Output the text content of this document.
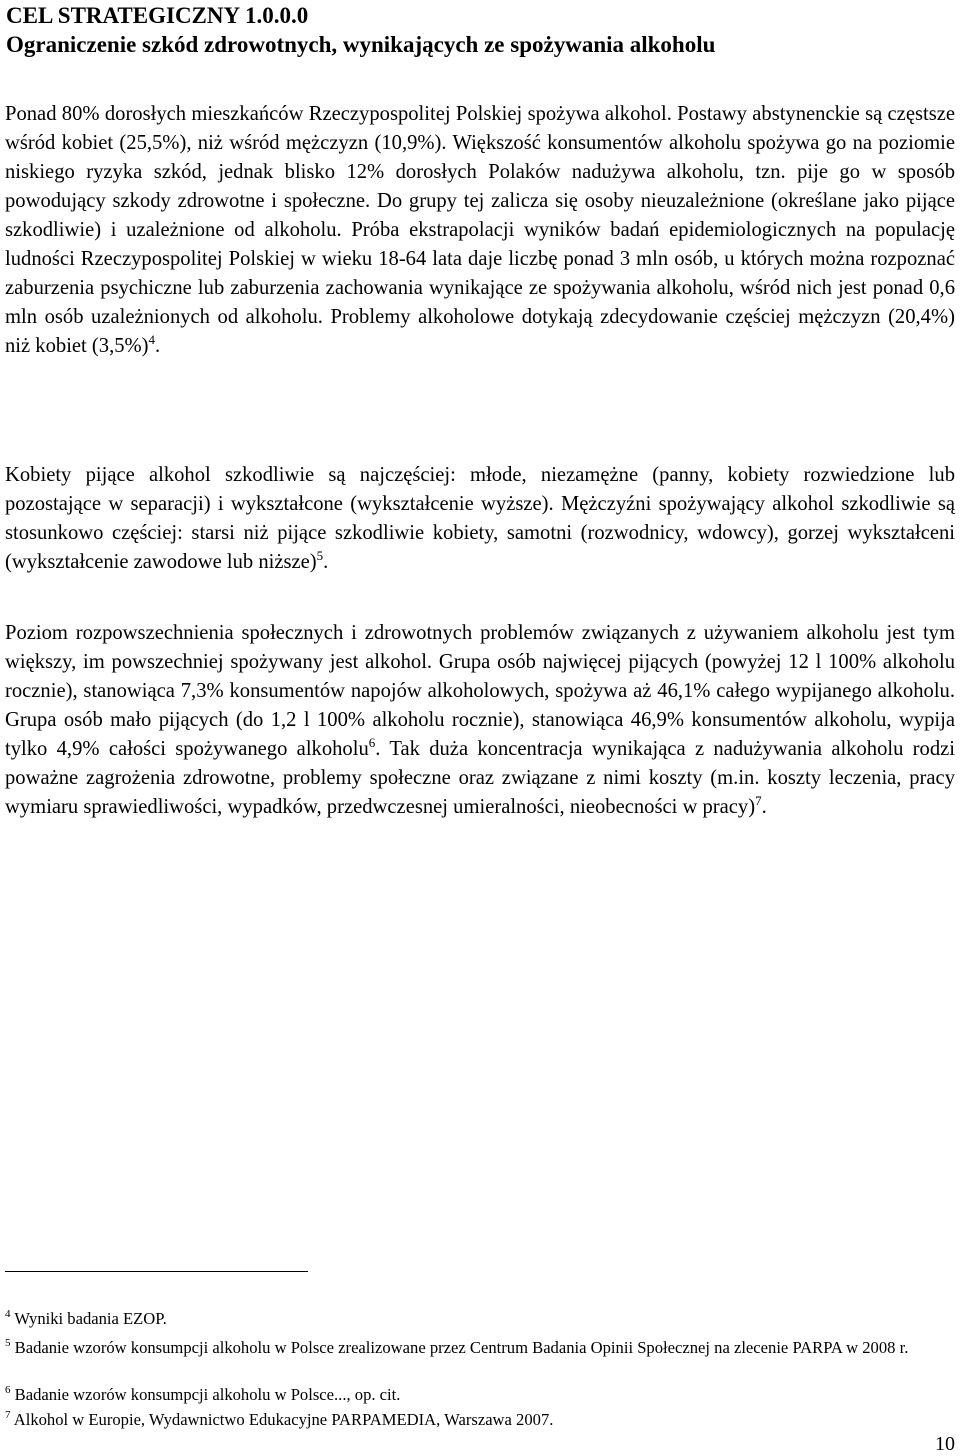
CEL STRATEGICZNY 1.0.0.0
Ograniczenie szkód zdrowotnych, wynikających ze spożywania alkoholu

Ponad 80% dorosłych mieszkańców Rzeczypospolitej Polskiej spożywa alkohol. Postawy abstynenckie są częstsze wśród kobiet (25,5%), niż wśród mężczyzn (10,9%). Większość konsumentów alkoholu spożywa go na poziomie niskiego ryzyka szkód, jednak blisko 12% dorosłych Polaków nadużywa alkoholu, tzn. pije go w sposób powodujący szkody zdrowotne i społeczne. Do grupy tej zalicza się osoby nieuzależnione (określane jako pijące szkodliwie) i uzależnione od alkoholu. Próba ekstrapolacji wyników badań epidemiologicznych na populację ludności Rzeczypospolitej Polskiej w wieku 18-64 lata daje liczbę ponad 3 mln osób, u których można rozpoznać zaburzenia psychiczne lub zaburzenia zachowania wynikające ze spożywania alkoholu, wśród nich jest ponad 0,6 mln osób uzależnionych od alkoholu. Problemy alkoholowe dotykają zdecydowanie częściej mężczyzn (20,4%) niż kobiet $(3,5\%)^4$.

Kobiety pijące alkohol szkodliwie są najczęściej: młode, niezamężne (panny, kobiety rozwiedzione lub pozostające w separacji) i wykształcone (wykształcenie wyższe). Mężczyźni spożywający alkohol szkodliwie są stosunkowo częściej: starsi niż pijące szkodliwie kobiety, samotni (rozwodnicy, wdowcy), gorzej wykształceni (wykształcenie zawodowe lub niższe)$^5$.

Poziom rozpowszechnienia społecznych i zdrowotnych problemów związanych z używaniem alkoholu jest tym większy, im powszechniej spożywany jest alkohol. Grupa osób najwięcej pijących (powyżej 12 l 100% alkoholu rocznie), stanowiąca 7,3% konsumentów napojów alkoholowych, spożywa aż 46,1% całego wypijanego alkoholu. Grupa osób mało pijących (do 1,2 l 100% alkoholu rocznie), stanowiąca 46,9% konsumentów alkoholu, wypija tylko 4,9% całości spożywanego alkoholu$^6$. Tak duża koncentracja wynikająca z nadużywania alkoholu rodzi poważne zagrożenia zdrowotne, problemy społeczne oraz związane z nimi koszty (m.in. koszty leczenia, pracy wymiaru sprawiedliwości, wypadków, przedwczesnej umieralności, nieobecności w pracy)$^7$.

$^4$ Wyniki badania EZOP.

$^5$ Badanie wzorów konsumpcji alkoholu w Polsce zrealizowane przez Centrum Badania Opinii Społecznej na zlecenie PARPA w 2008 r.

$^6$ Badanie wzorów konsumpcji alkoholu w Polsce..., op. cit.

$^7$ Alkohol w Europie, Wydawnictwo Edukacyjne PARPAMEDIA, Warszawa 2007.

10
